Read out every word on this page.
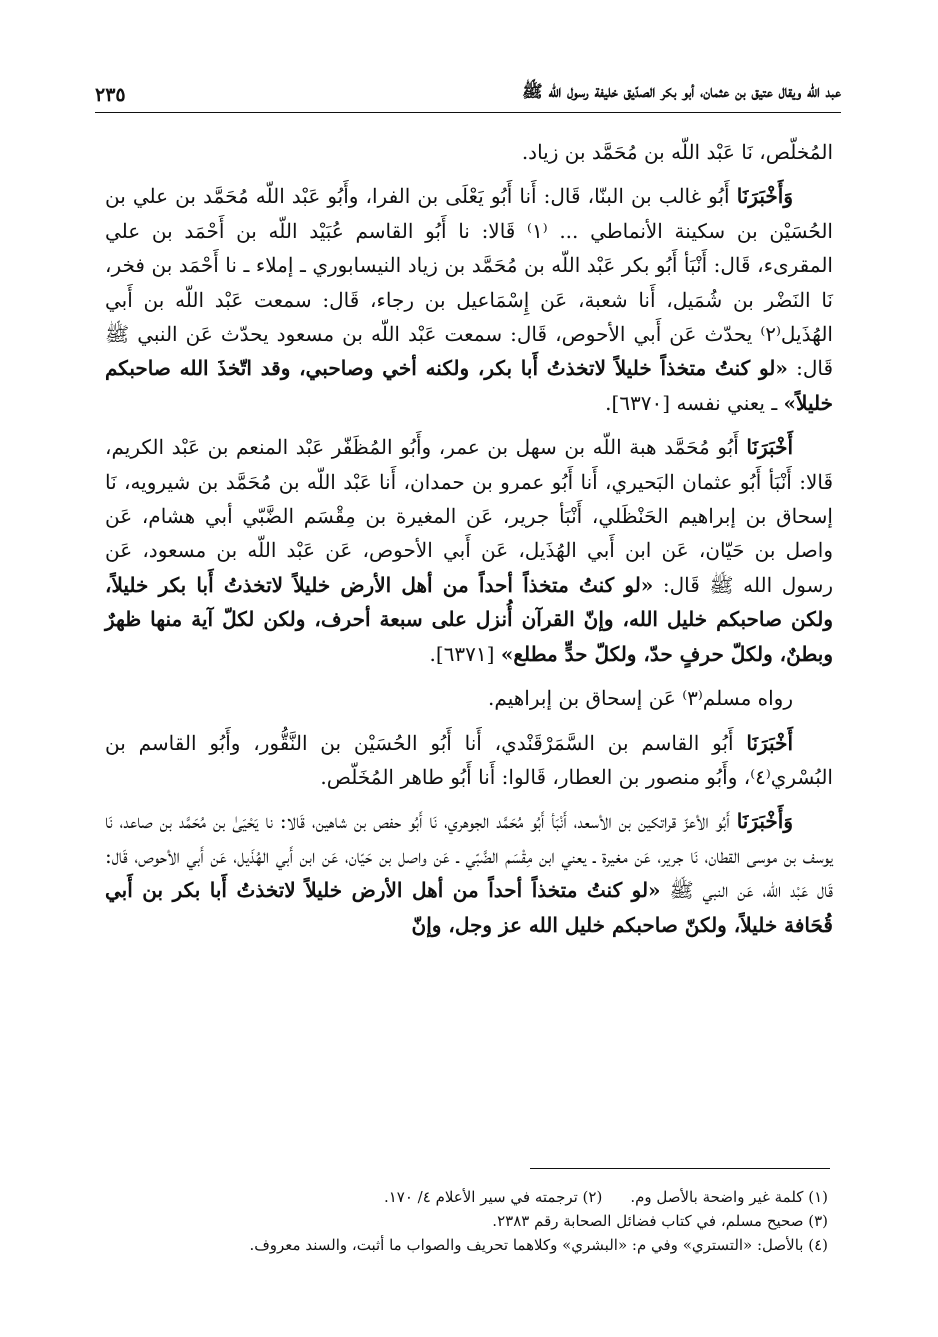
عبد الله ويقال عتيق بن عثمان، أبو بكر الصدّيق خليفة رسول الله ﷺ
٢٣٥

المُخلّص، نَا عَبْد اللّه بن مُحَمَّد بن زياد.

وَأَخْبَرَنَا أَبُو غالب بن البنّا، قَال: أَنا أَبُو يَعْلَى بن الفرا، وأَبُو عَبْد اللّه مُحَمَّد بن علي بن الحُسَيْن بن سكينة الأنماطي ... ⁽١⁾ قَالا: نا أَبُو القاسم عُبَيْد اللّه بن أَحْمَد بن علي المقرىء، قَال: أَنْبَأ أَبُو بكر عَبْد اللّه بن مُحَمَّد بن زياد النيسابوري ـ إملاء ـ نا أَحْمَد بن فخر، نَا النَضْر بن شُمَيل، أَنا شعبة، عَن إِسْمَاعيل بن رجاء، قَال: سمعت عَبْد اللّه بن أَبي الهُذَيل⁽٢⁾ يحدّث عَن أَبي الأحوص، قَال: سمعت عَبْد اللّه بن مسعود يحدّث عَن النبي ﷺ قَال: «لو كنتُ متخذاً خليلاً لاتخذتُ أَبا بكر، ولكنه أخي وصاحبي، وقد اتّخذَ الله صاحبكم خليلاً» ـ يعني نفسه [٦٣٧٠].

أَخْبَرَنَا أَبُو مُحَمَّد هبة اللّه بن سهل بن عمر، وأَبُو المُظَفّر عَبْد المنعم بن عَبْد الكريم، قَالا: أَنْبَأ أَبُو عثمان البَحيري، أَنا أَبُو عمرو بن حمدان، أَنا عَبْد اللّه بن مُحَمَّد بن شيرويه، نَا إسحاق بن إبراهيم الحَنْظَلي، أَنْبَأ جرير، عَن المغيرة بن مِقْسَم الضَّبّي أبي هشام، عَن واصل بن حَيّان، عَن ابن أَبي الهُذَيل، عَن أَبي الأحوص، عَن عَبْد اللّه بن مسعود، عَن رسول الله ﷺ قَال: «لو كنتُ متخذاً أحداً من أهل الأرض خليلاً لاتخذتُ أَبا بكر خليلاً، ولكن صاحبكم خليل الله، وإنّ القرآن أُنزل على سبعة أحرف، ولكن لكلّ آية منها ظهرٌ وبطنٌ، ولكلّ حرفٍ حدّ، ولكلّ حدٍّ مطلع» [٦٣٧١].

رواه مسلم⁽٣⁾ عَن إسحاق بن إبراهيم.

أَخْبَرَنَا أَبُو القاسم بن السَّمَرْقَنْدي، أَنا أَبُو الحُسَيْن بن النَّقُّور، وأَبُو القاسم بن البُسْري⁽٤⁾، وأَبُو منصور بن العطار، قَالوا: أَنا أَبُو طاهر المُخَلّص.

وَأَخْبَرَنَا أَبُو الأعزّ قراتكين بن الأسعد، أَنْبَأ أَبُو مُحَمَّد الجوهري، نَا أَبُو حفص بن شاهين، قَالا: نا يَحْيَىٰ بن مُحَمَّد بن صاعد، نَا يوسف بن موسى القطان، نَا جرير، عَن مغيرة ـ يعني ابن مِقْسَم الضَّبّي ـ عَن واصل بن حَيّان، عَن ابن أَبي الهُذَيل، عَن أَبي الأحوص، قَال: قَال عَبْد الله، عَن النبي ﷺ «لو كنتُ متخذاً أحداً من أهل الأرض خليلاً لاتخذتُ أَبا بكر بن أَبي قُحَافة خليلاً، ولكنّ صاحبكم خليل الله عز وجل، وإنّ

(١) كلمة غير واضحة بالأصل وم.
(٢) ترجمته في سير الأعلام ٤/ ١٧٠.
(٣) صحيح مسلم، في كتاب فضائل الصحابة رقم ٢٣٨٣.
(٤) بالأصل: «التستري» وفي م: «البشري» وكلاهما تحريف والصواب ما أثبت، والسند معروف.
